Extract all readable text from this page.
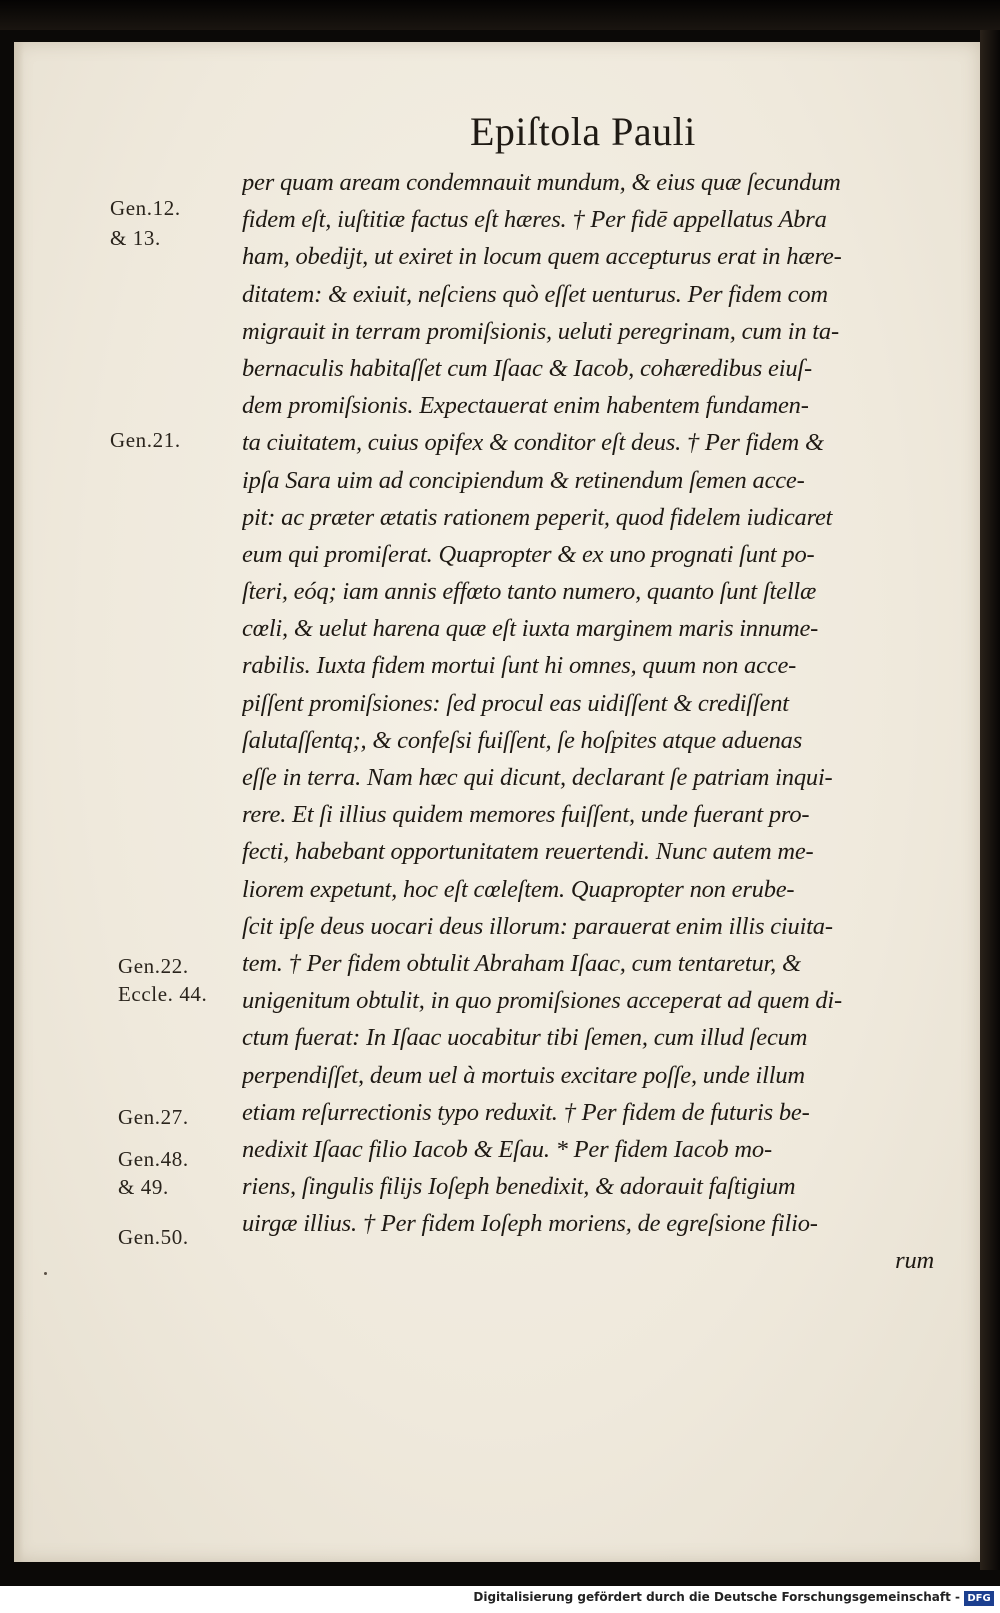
Epiſtola Pauli
per quam aream condemnauit mundum, & eius quæ ſecundum
fidem eſt, iuſtitiæ factus eſt hæres. † Per fidē appellatus Abra
ham, obedijt, ut exiret in locum quem accepturus erat in hære-
ditatem: & exiuit, neſciens quò eſſet uenturus. Per fidem com
migrauit in terram promiſsionis, ueluti peregrinam, cum in ta-
bernaculis habitaſſet cum Iſaac & Iacob, cohæredibus eiuſ-
dem promiſsionis. Expectauerat enim habentem fundamen-
ta ciuitatem, cuius opifex & conditor eſt deus. † Per fidem &
ipſa Sara uim ad concipiendum & retinendum ſemen acce-
pit: ac præter ætatis rationem peperit, quod fidelem iudicaret
eum qui promiſerat. Quapropter & ex uno prognati ſunt po-
ſteri, eóq; iam annis effœto tanto numero, quanto ſunt ſtellæ
cœli, & uelut harena quæ eſt iuxta marginem maris innume-
rabilis. Iuxta fidem mortui ſunt hi omnes, quum non acce-
piſſent promiſsiones: ſed procul eas uidiſſent & crediſſent
ſalutaſſentq;, & confeſsi fuiſſent, ſe hoſpites atque aduenas
eſſe in terra. Nam hæc qui dicunt, declarant ſe patriam inqui-
rere. Et ſi illius quidem memores fuiſſent, unde fuerant pro-
fecti, habebant opportunitatem reuertendi. Nunc autem me-
liorem expetunt, hoc eſt cœleſtem. Quapropter non erube-
ſcit ipſe deus uocari deus illorum: parauerat enim illis ciuita-
tem. † Per fidem obtulit Abraham Iſaac, cum tentaretur, &
unigenitum obtulit, in quo promiſsiones acceperat ad quem di-
ctum fuerat: In Iſaac uocabitur tibi ſemen, cum illud ſecum
perpendiſſet, deum uel à mortuis excitare poſſe, unde illum
etiam reſurrectionis typo reduxit. † Per fidem de futuris be-
nedixit Iſaac filio Iacob & Eſau. * Per fidem Iacob mo-
riens, ſingulis filijs Ioſeph benedixit, & adorauit faſtigium
uirgæ illius. † Per fidem Ioſeph moriens, de egreſsione filio-
rum
Gen.12.
& 13.
Gen.21.
Gen.22.
Eccle. 44.
Gen.27.
Gen.48.
& 49.
Gen.50.
Digitalisierung gefördert durch die Deutsche Forschungsgemeinschaft - DFG
